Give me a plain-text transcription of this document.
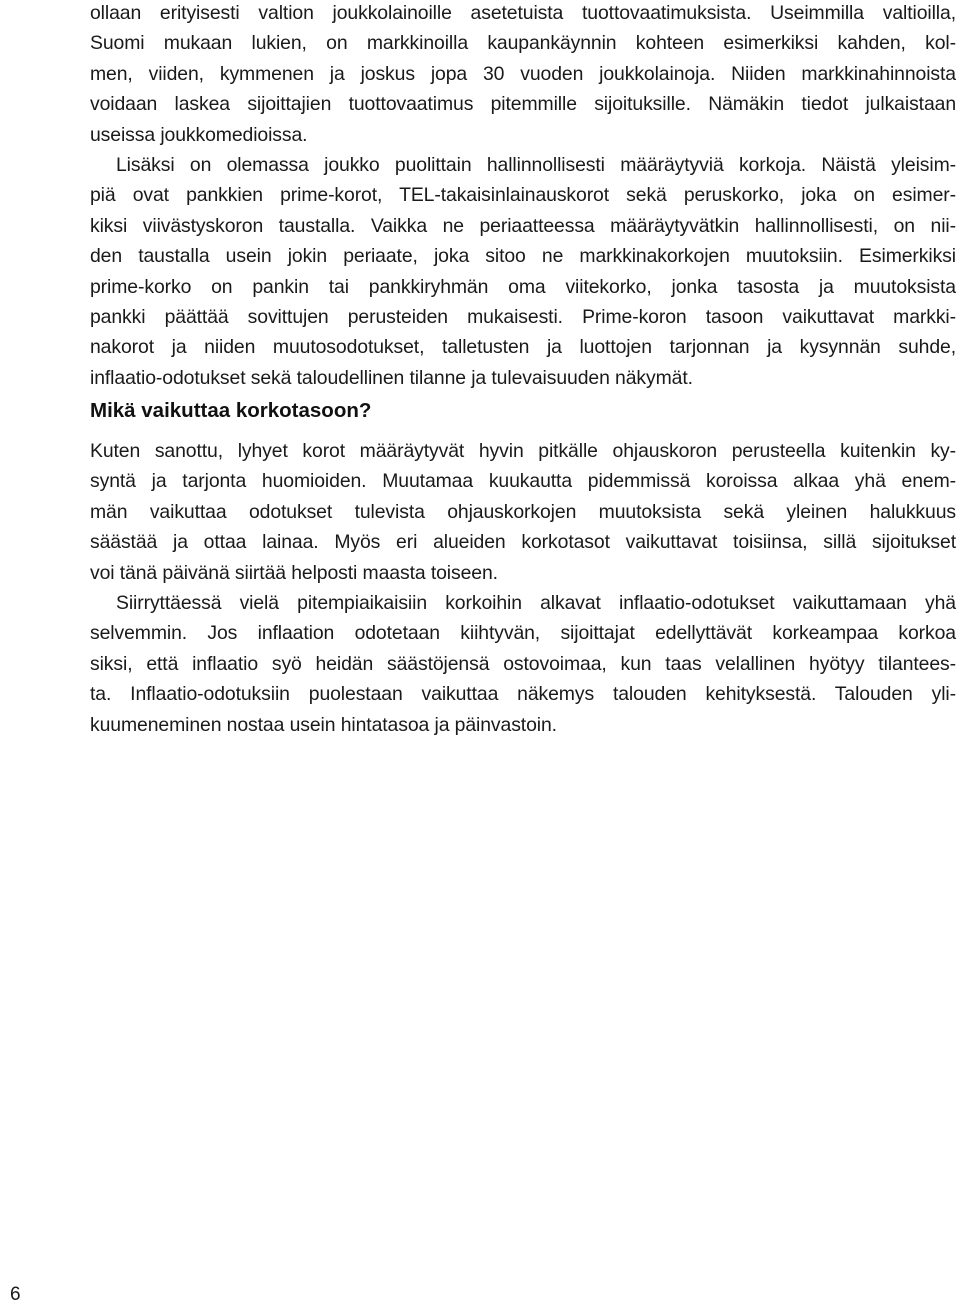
ollaan erityisesti valtion joukkolainoille asetetuista tuottovaatimuksista. Useimmilla valtioilla,
Suomi mukaan lukien, on markkinoilla kaupankäynnin kohteen esimerkiksi kahden, kol-
men, viiden, kymmenen ja joskus jopa 30 vuoden joukkolainoja. Niiden markkinahinnoista
voidaan laskea sijoittajien tuottovaatimus pitemmille sijoituksille. Nämäkin tiedot julkaistaan
useissa joukkomedioissa.
Lisäksi on olemassa joukko puolittain hallinnollisesti määräytyviä korkoja. Näistä yleisim-
piä ovat pankkien prime-korot, TEL-takaisinlainauskorot sekä peruskorko, joka on esimer-
kiksi viivästyskoron taustalla. Vaikka ne periaatteessa määräytyvätkin hallinnollisesti, on nii-
den taustalla usein jokin periaate, joka sitoo ne markkinakorkojen muutoksiin. Esimerkiksi
prime-korko on pankin tai pankkiryhmän oma viitekorko, jonka tasosta ja muutoksista
pankki päättää sovittujen perusteiden mukaisesti. Prime-koron tasoon vaikuttavat markki-
nakorot ja niiden muutosodotukset, talletusten ja luottojen tarjonnan ja kysynnän suhde,
inflaatio-odotukset sekä taloudellinen tilanne ja tulevaisuuden näkymät.
Mikä vaikuttaa korkotasoon?
Kuten sanottu, lyhyet korot määräytyvät hyvin pitkälle ohjauskoron perusteella kuitenkin ky-
syntä ja tarjonta huomioiden. Muutamaa kuukautta pidemmissä koroissa alkaa yhä enem-
män vaikuttaa odotukset tulevista ohjauskorkojen muutoksista sekä yleinen halukkuus
säästää ja ottaa lainaa. Myös eri alueiden korkotasot vaikuttavat toisiinsa, sillä sijoitukset
voi tänä päivänä siirtää helposti maasta toiseen.
Siirryttäessä vielä pitempiaikaisiin korkoihin alkavat inflaatio-odotukset vaikuttamaan yhä
selvemmin. Jos inflaation odotetaan kiihtyvän, sijoittajat edellyttävät korkeampaa korkoa
siksi, että inflaatio syö heidän säästöjensä ostovoimaa, kun taas velallinen hyötyy tilantees-
ta. Inflaatio-odotuksiin puolestaan vaikuttaa näkemys talouden kehityksestä. Talouden yli-
kuumeneminen nostaa usein hintatasoa ja päinvastoin.
6
